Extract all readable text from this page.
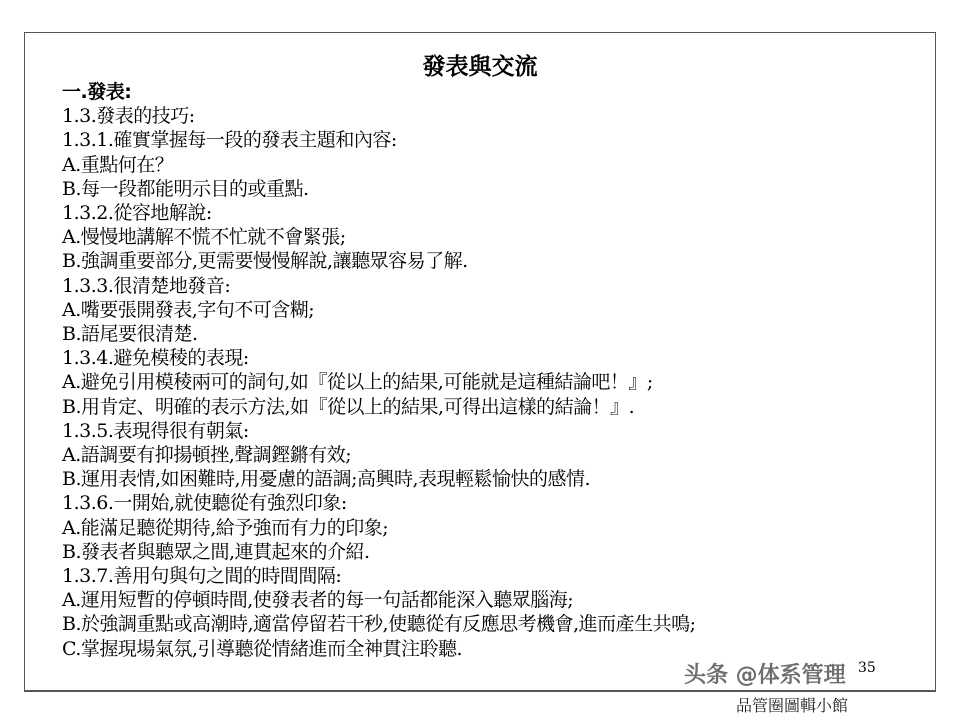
發表與交流
一.發表:
1.3.發表的技巧:
1.3.1.確實掌握每一段的發表主題和內容:
A.重點何在？
B.每一段都能明示目的或重點.
1.3.2.從容地解說:
A.慢慢地講解不慌不忙就不會緊張;
B.強調重要部分,更需要慢慢解說,讓聽眾容易了解.
1.3.3.很清楚地發音:
A.嘴要張開發表,字句不可含糊;
B.語尾要很清楚.
1.3.4.避免模稜的表現:
A.避免引用模稜兩可的詞句,如『從以上的結果,可能就是這種結論吧！』;
B.用肯定、明確的表示方法,如『從以上的結果,可得出這樣的結論！』.
1.3.5.表現得很有朝氣:
A.語調要有抑揚頓挫,聲調鏗鏘有效;
B.運用表情,如困難時,用憂慮的語調;高興時,表現輕鬆愉快的感情.
1.3.6.一開始,就使聽從有強烈印象:
A.能滿足聽從期待,給予強而有力的印象;
B.發表者與聽眾之間,連貫起來的介紹.
1.3.7.善用句與句之間的時間間隔:
A.運用短暫的停頓時間,使發表者的每一句話都能深入聽眾腦海;
B.於強調重點或高潮時,適當停留若干秒,使聽從有反應思考機會,進而產生共鳴;
C.掌握現場氣氛,引導聽從情緒進而全神貫注聆聽.
35
头条 @体系管理
品管圈圖輯小館
